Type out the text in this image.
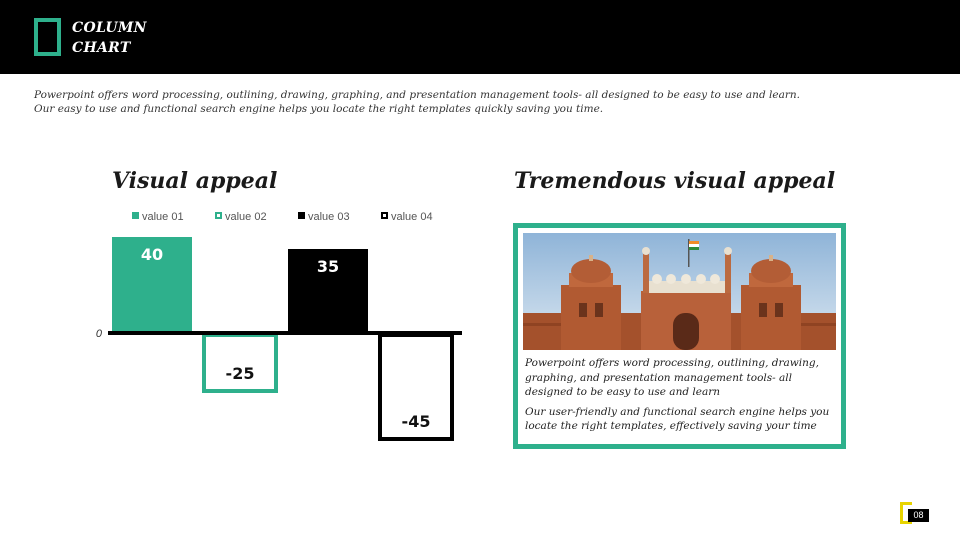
COLUMN CHART
Powerpoint offers word processing, outlining, drawing, graphing, and presentation management tools- all designed to be easy to use and learn.
Our easy to use and functional search engine helps you locate the right templates quickly saving you time.
Visual appeal	Tremendous visual appeal
value 01	value 02	value 03	value 04
40
-25
35
-45
0

Powerpoint offers word processing, outlining, drawing, graphing, and presentation management tools- all designed to be easy to use and learn

Our user-friendly and functional search engine helps you locate the right templates, effectively saving your time

08
